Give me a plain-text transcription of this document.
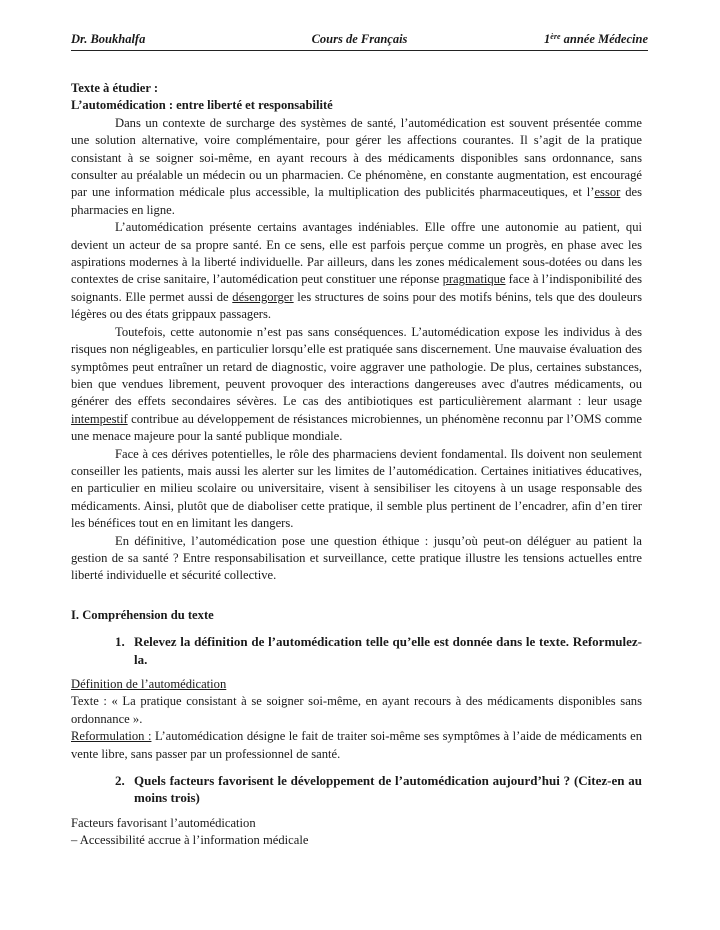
Dr. Boukhalfa	Cours de Français	1ère année Médecine
Texte à étudier :
L’automédication : entre liberté et responsabilité

Dans un contexte de surcharge des systèmes de santé, l’automédication est souvent présentée comme une solution alternative, voire complémentaire, pour gérer les affections courantes. Il s’agit de la pratique consistant à se soigner soi-même, en ayant recours à des médicaments disponibles sans ordonnance, sans consulter au préalable un médecin ou un pharmacien. Ce phénomène, en constante augmentation, est encouragé par une information médicale plus accessible, la multiplication des publicités pharmaceutiques, et l’essor des pharmacies en ligne.

L’automédication présente certains avantages indéniables. Elle offre une autonomie au patient, qui devient un acteur de sa propre santé. En ce sens, elle est parfois perçue comme un progrès, en phase avec les aspirations modernes à la liberté individuelle. Par ailleurs, dans les zones médicalement sous-dotées ou dans les contextes de crise sanitaire, l’automédication peut constituer une réponse pragmatique face à l’indisponibilité des soignants. Elle permet aussi de désengorger les structures de soins pour des motifs bénins, tels que des douleurs légères ou des états grippaux passagers.

Toutefois, cette autonomie n’est pas sans conséquences. L’automédication expose les individus à des risques non négligeables, en particulier lorsqu’elle est pratiquée sans discernement. Une mauvaise évaluation des symptômes peut entraîner un retard de diagnostic, voire aggraver une pathologie. De plus, certaines substances, bien que vendues librement, peuvent provoquer des interactions dangereuses avec d'autres médicaments, ou générer des effets secondaires sévères. Le cas des antibiotiques est particulièrement alarmant : leur usage intempestif contribue au développement de résistances microbiennes, un phénomène reconnu par l’OMS comme une menace majeure pour la santé publique mondiale.

Face à ces dérives potentielles, le rôle des pharmaciens devient fondamental. Ils doivent non seulement conseiller les patients, mais aussi les alerter sur les limites de l’automédication. Certaines initiatives éducatives, en particulier en milieu scolaire ou universitaire, visent à sensibiliser les citoyens à un usage responsable des médicaments. Ainsi, plutôt que de diaboliser cette pratique, il semble plus pertinent de l’encadrer, afin d’en tirer les bénéfices tout en en limitant les dangers.

En définitive, l’automédication pose une question éthique : jusqu’où peut-on déléguer au patient la gestion de sa santé ? Entre responsabilisation et surveillance, cette pratique illustre les tensions actuelles entre liberté individuelle et sécurité collective.

I. Compréhension du texte
1. Relevez la définition de l’automédication telle qu’elle est donnée dans le texte. Reformulez-la.
Définition de l’automédication
Texte : « La pratique consistant à se soigner soi-même, en ayant recours à des médicaments disponibles sans ordonnance ».
Reformulation : L’automédication désigne le fait de traiter soi-même ses symptômes à l’aide de médicaments en vente libre, sans passer par un professionnel de santé.
2. Quels facteurs favorisent le développement de l’automédication aujourd’hui ? (Citez-en au moins trois)
Facteurs favorisant l’automédication
– Accessibilité accrue à l’information médicale
